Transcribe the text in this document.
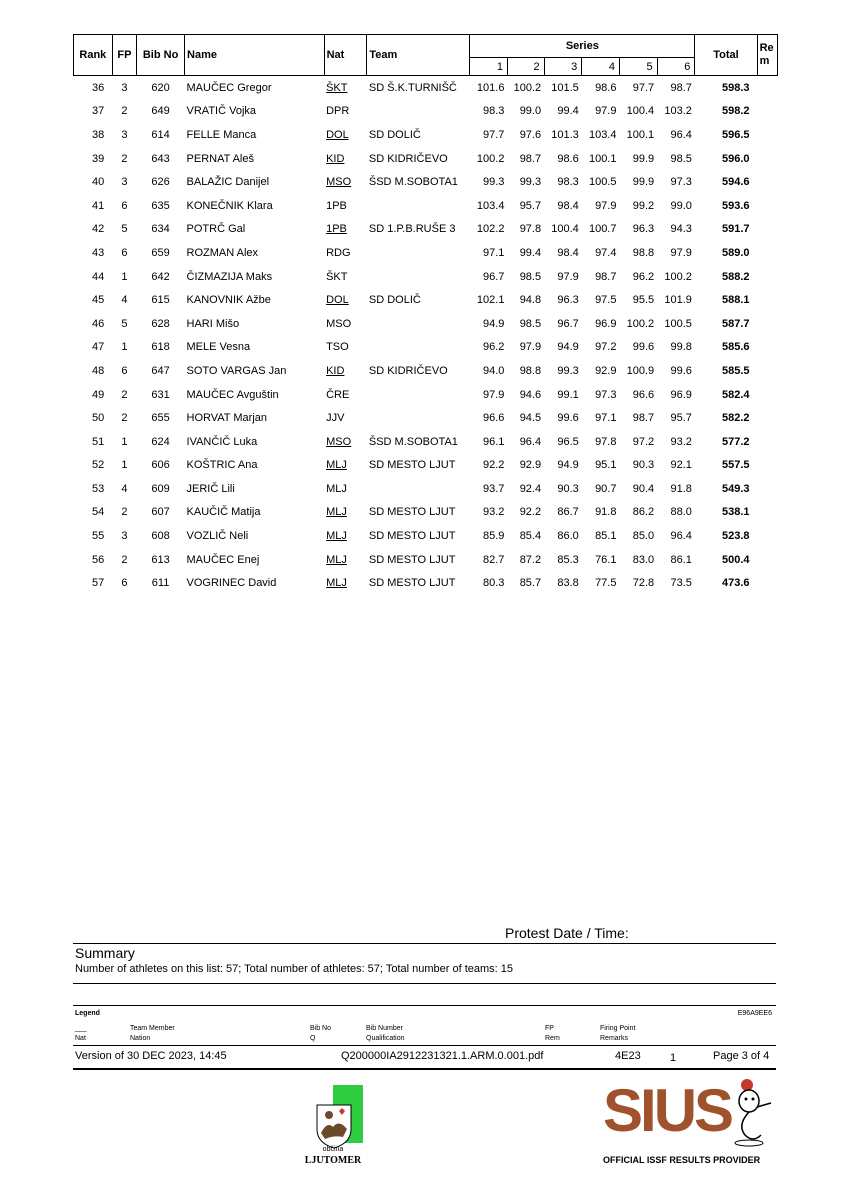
Rank	FP	Bib No	Name	Nat	Team	Series						Total	Re m
						1	2	3	4	5	6		
36	3	620	MAUČEC Gregor	ŠKT	SD Š.K.TURNIŠČ	101.6	100.2	101.5	98.6	97.7	98.7	598.3	
37	2	649	VRATIČ Vojka	DPR		98.3	99.0	99.4	97.9	100.4	103.2	598.2	
38	3	614	FELLE Manca	DOL	SD DOLIČ	97.7	97.6	101.3	103.4	100.1	96.4	596.5	
39	2	643	PERNAT Aleš	KID	SD KIDRIČEVO	100.2	98.7	98.6	100.1	99.9	98.5	596.0	
40	3	626	BALAŽIC Danijel	MSO	ŠSD M.SOBOTA1	99.3	99.3	98.3	100.5	99.9	97.3	594.6	
41	6	635	KONEČNIK Klara	1PB		103.4	95.7	98.4	97.9	99.2	99.0	593.6	
42	5	634	POTRČ Gal	1PB	SD 1.P.B.RUŠE 3	102.2	97.8	100.4	100.7	96.3	94.3	591.7	
43	6	659	ROZMAN Alex	RDG		97.1	99.4	98.4	97.4	98.8	97.9	589.0	
44	1	642	ČIZMAZIJA Maks	ŠKT		96.7	98.5	97.9	98.7	96.2	100.2	588.2	
45	4	615	KANOVNIK Ažbe	DOL	SD DOLIČ	102.1	94.8	96.3	97.5	95.5	101.9	588.1	
46	5	628	HARI Mišo	MSO		94.9	98.5	96.7	96.9	100.2	100.5	587.7	
47	1	618	MELE Vesna	TSO		96.2	97.9	94.9	97.2	99.6	99.8	585.6	
48	6	647	SOTO VARGAS Jan	KID	SD KIDRIČEVO	94.0	98.8	99.3	92.9	100.9	99.6	585.5	
49	2	631	MAUČEC Avguštin	ČRE		97.9	94.6	99.1	97.3	96.6	96.9	582.4	
50	2	655	HORVAT Marjan	JJV		96.6	94.5	99.6	97.1	98.7	95.7	582.2	
51	1	624	IVANČIČ Luka	MSO	ŠSD M.SOBOTA1	96.1	96.4	96.5	97.8	97.2	93.2	577.2	
52	1	606	KOŠTRIC Ana	MLJ	SD MESTO LJUT	92.2	92.9	94.9	95.1	90.3	92.1	557.5	
53	4	609	JERIČ Lili	MLJ		93.7	92.4	90.3	90.7	90.4	91.8	549.3	
54	2	607	KAUČIČ Matija	MLJ	SD MESTO LJUT	93.2	92.2	86.7	91.8	86.2	88.0	538.1	
55	3	608	VOZLIČ Neli	MLJ	SD MESTO LJUT	85.9	85.4	86.0	85.1	85.0	96.4	523.8	
56	2	613	MAUČEC Enej	MLJ	SD MESTO LJUT	82.7	87.2	85.3	76.1	83.0	86.1	500.4	
57	6	611	VOGRINEC David	MLJ	SD MESTO LJUT	80.3	85.7	83.8	77.5	72.8	73.5	473.6	
Protest Date / Time:
Summary
Number of athletes on this list: 57; Total number of athletes: 57; Total number of teams: 15
Legend	E96A9EE6
___
Nat
Team Member
Nation
Bib No
Q
Bib Number
Qualification
FP
Rem
Firing Point
Remarks
Version of 30 DEC 2023, 14:45	Q200000IA2912231321.1.ARM.0.001.pdf	4E23	1	Page 3 of 4
občina
LJUTOMER
SIUS
OFFICIAL ISSF RESULTS PROVIDER
